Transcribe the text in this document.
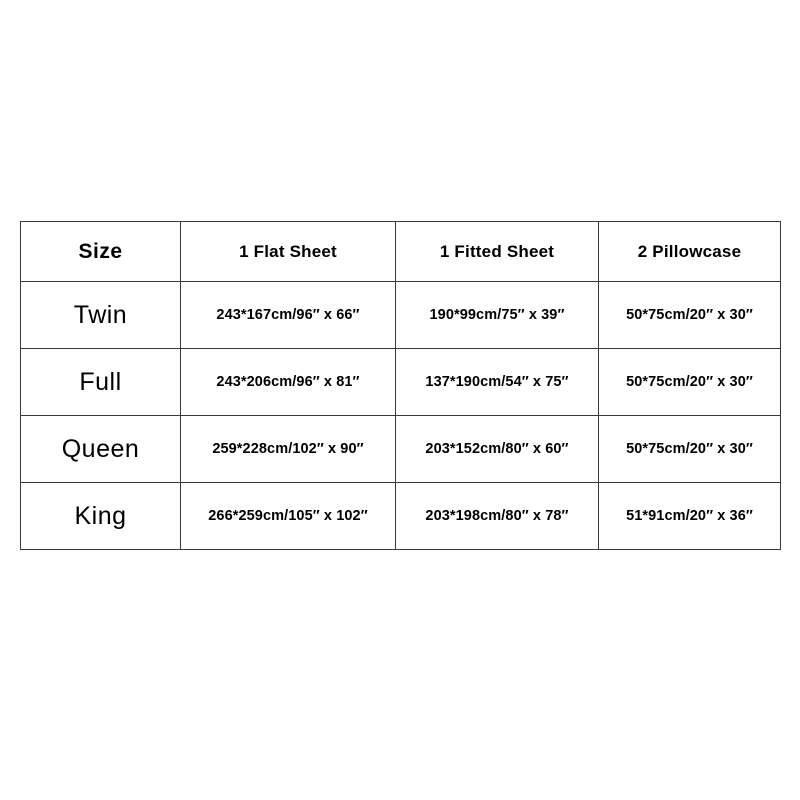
Size	1 Flat Sheet	1 Fitted Sheet	2 Pillowcase
Twin	243*167cm/96″ x 66″	190*99cm/75″ x 39″	50*75cm/20″ x 30″
Full	243*206cm/96″ x 81″	137*190cm/54″ x 75″	50*75cm/20″ x 30″
Queen	259*228cm/102″ x 90″	203*152cm/80″ x 60″	50*75cm/20″ x 30″
King	266*259cm/105″ x 102″	203*198cm/80″ x 78″	51*91cm/20″ x 36″
